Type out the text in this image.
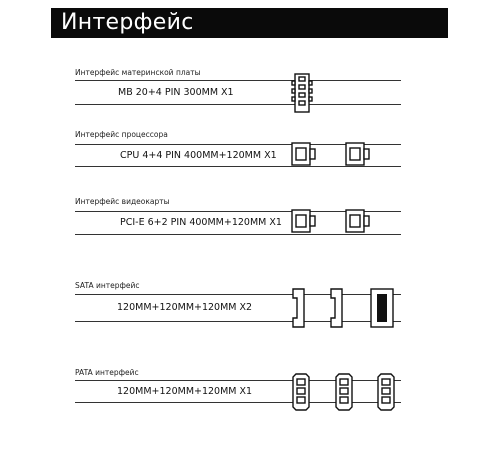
Интерфейс
Интерфейс материнской платы
MB 20+4 PIN 300MM X1
Интерфейс процессора
CPU 4+4 PIN 400MM+120MM X1
Интерфейс видеокарты
PCI-E 6+2 PIN 400MM+120MM X1
SATA интерфейс
120MM+120MM+120MM X2
PATA интерфейс
120MM+120MM+120MM X1
